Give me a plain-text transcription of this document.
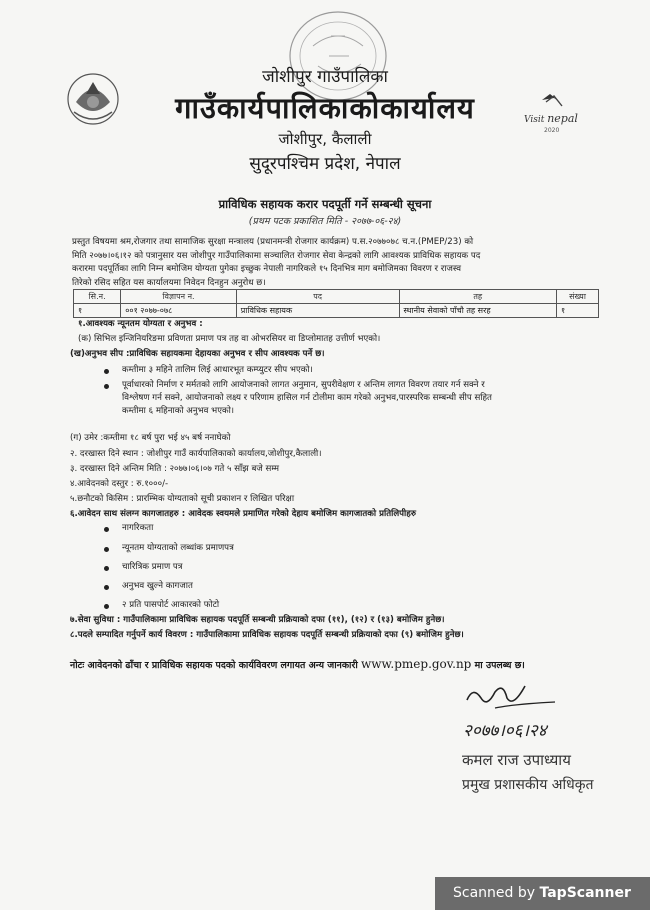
Visit nepal
2020
जोशीपुर गाउँपालिका
गाउँकार्यपालिकाकोकार्यालय
जोशीपुर, कैलाली
सुदूरपश्चिम प्रदेश, नेपाल
प्राविधिक सहायक करार पदपूर्ती गर्ने सम्बन्धी सूचना
(प्रथम पटक प्रकाशित मिति - २०७७-०६-२४)
प्रस्तुत विषयमा श्रम,रोजगार तथा सामाजिक सुरक्षा मन्त्रालय (प्रधानमन्त्री रोजगार कार्यक्रम) प.स.२०७७०७८ च.न.(PMEP/23) को
मिति २०७७।०६।१२ को पत्रानुसार यस जोशीपुर गाउँपालिकामा सञ्चालित रोजगार सेवा केन्द्रको लागि आवश्यक प्राविधिक सहायक पद
करारमा पदपूर्तिका लागि निम्न बमोजिम योग्यता पुगेका इच्छुक नेपाली नागरिकले १५ दिनभित्र माग बमोजिमका विवरण र राजस्व
तिरेको रसिद सहित यस कार्यालयमा निवेदन दिनहुन अनुरोध छ।
सि.न.	विज्ञापन न.	पद	तह	संख्या
१	००१ २०७७-०७८	प्राविधिक सहायक	स्थानीय सेवाको पाँचौ तह सरह	१
१.आवश्यक न्यूनतम योग्यता र अनुभव :
(क) सिभिल इन्जिनियरिङमा प्रविणता प्रमाण पत्र तह वा ओभरसियर वा डिप्लोमातह उत्तीर्ण भएको।
(ख)अनुभव सीप :प्राविधिक सहायकमा देहायका अनुभव र सीप आवश्यक पर्ने छ।
कम्तीमा ३ महिने तालिम लिई आधारभूत कम्प्युटर सीप भएको।
पूर्वाधारको निर्माण र मर्मतको लागि आयोजनाको लागत अनुमान, सुपरीवेक्षण र अन्तिम लागत विवरण तयार गर्न सक्ने र
विश्लेषण गर्न सक्ने, आयोजनाको लक्ष्य र परिणाम हासिल गर्न टोलीमा काम गरेको अनुभव,पारस्परिक सम्बन्धी सीप सहित
कम्तीमा ६ महिनाको अनुभव भएको।
(ग) उमेर :कम्तीमा १८ बर्ष पुरा भई ४५ बर्ष ननाघेको
२. दरखास्त दिने स्थान : जोशीपुर गाउँ कार्यपालिकाको कार्यालय,जोशीपुर,कैलाली।
३. दरखास्त दिने अन्तिम मिति : २०७७।०६।०७ गते ५ साँझ बजे सम्म
४.आवेदनको दस्तुर : रु.१०००/-
५.छनौटको किसिम : प्रारम्भिक योग्यताको सूची प्रकाशन र लिखित परिक्षा
६.आवेदन साथ संलग्न कागजातहरु : आवेदक स्वयमले प्रमाणित गरेको देहाय बमोजिम कागजातको प्रतिलिपीहरु
नागरिकता
न्यूनतम योग्यताको लब्धांक प्रमाणपत्र
चारित्रिक प्रमाण पत्र
अनुभव खुल्ने कागजात
२ प्रति पासपोर्ट आकारको फोटो
७.सेवा सुविधा : गाउँपालिकामा प्राविधिक सहायक पदपूर्ति सम्बन्धी प्रक्रियाको दफा (११), (१२) र (१३) बमोजिम हुनेछ।
८.पदले सम्पादित गर्नुपर्ने कार्य विवरण : गाउँपालिकामा प्राविधिक सहायक पदपूर्ति सम्बन्धी प्रक्रियाको दफा (९) बमोजिम हुनेछ।
नोटः आवेदनको ढाँचा र प्राविधिक सहायक पदको कार्यविवरण लगायत अन्य जानकारी www.pmep.gov.np मा उपलब्ध छ।
२०७७।०६।२४
कमल राज उपाध्याय
प्रमुख प्रशासकीय अधिकृत
Scanned by TapScanner
